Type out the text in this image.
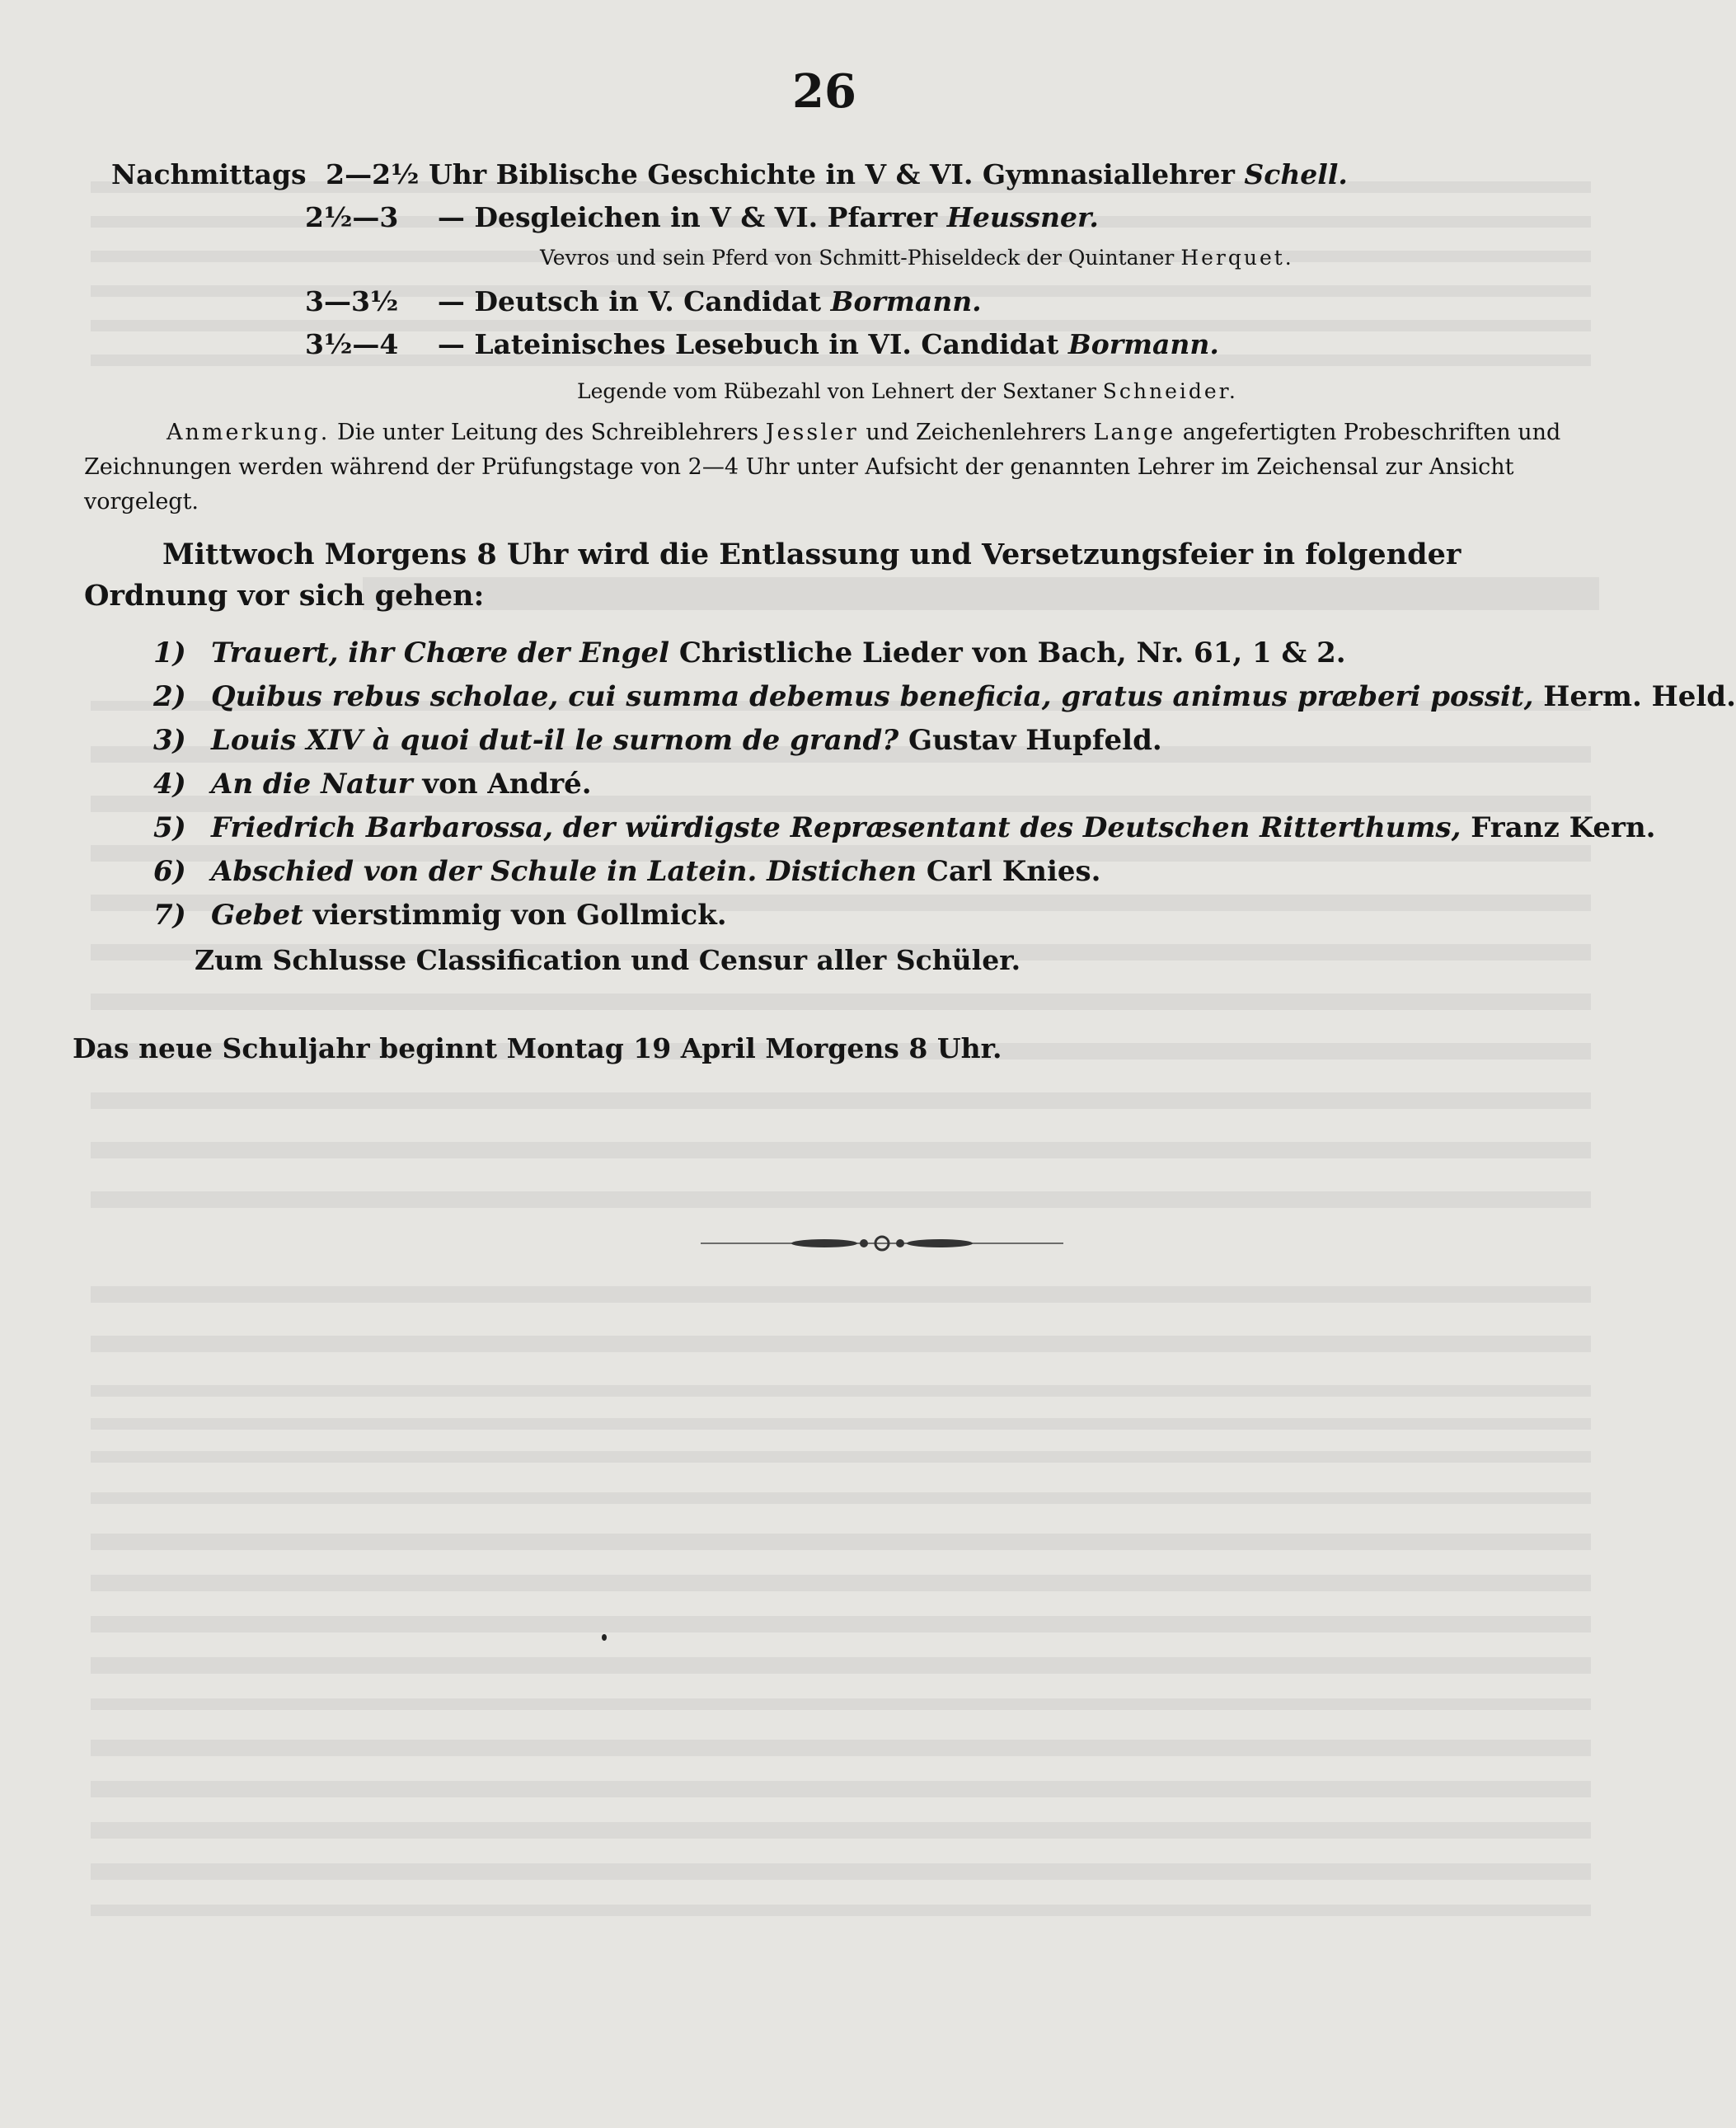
26
Nachmittags 2—2½ Uhr Biblische Geschichte in V & VI. Gymnasiallehrer Schell.
2½—3 — Desgleichen in V & VI. Pfarrer Heussner.
Vevros und sein Pferd von Schmitt-Phiseldeck der Quintaner Herquet.
3—3½ — Deutsch in V. Candidat Bormann.
3½—4 — Lateinisches Lesebuch in VI. Candidat Bormann.
Legende vom Rübezahl von Lehnert der Sextaner Schneider.
Anmerkung. Die unter Leitung des Schreiblehrers Jessler und Zeichenlehrers Lange angefertigten Probeschriften und Zeichnungen werden während der Prüfungstage von 2—4 Uhr unter Aufsicht der genannten Lehrer im Zeichensal zur Ansicht vorgelegt.
Mittwoch Morgens 8 Uhr wird die Entlassung und Versetzungsfeier in folgender Ordnung vor sich gehen:
1) Trauert, ihr Chœre der Engel Christliche Lieder von Bach, Nr. 61, 1 & 2.
2) Quibus rebus scholae, cui summa debemus beneficia, gratus animus præberi possit, Herm. Held.
3) Louis XIV à quoi dut-il le surnom de grand? Gustav Hupfeld.
4) An die Natur von André.
5) Friedrich Barbarossa, der würdigste Repræsentant des Deutschen Ritterthums, Franz Kern.
6) Abschied von der Schule in Latein. Distichen Carl Knies.
7) Gebet vierstimmig von Gollmick.
Zum Schlusse Classification und Censur aller Schüler.
Das neue Schuljahr beginnt Montag 19 April Morgens 8 Uhr.
